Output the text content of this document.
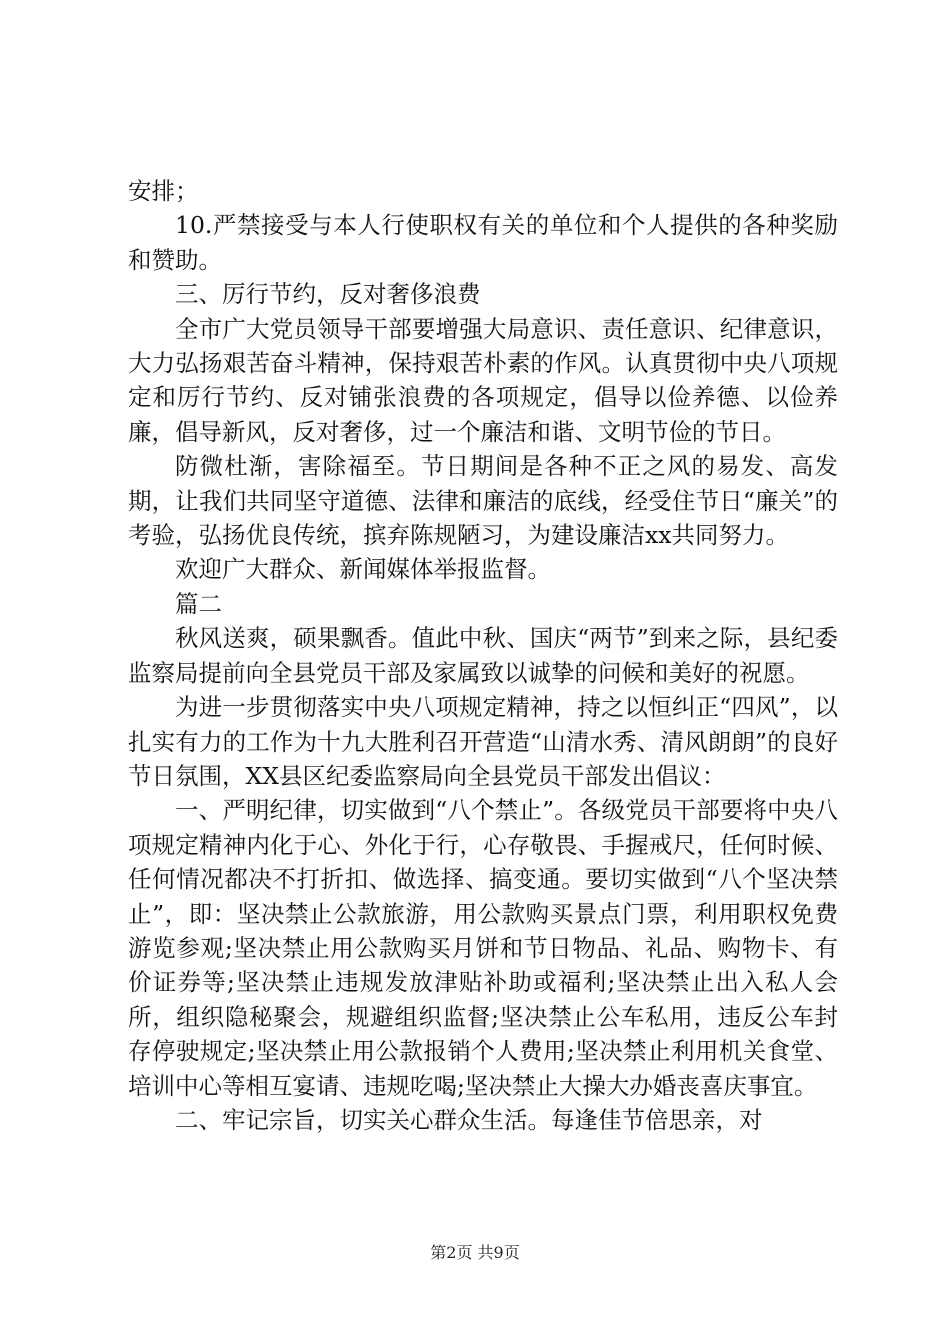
安排；

10.严禁接受与本人行使职权有关的单位和个人提供的各种奖励和赞助。

三、厉行节约，反对奢侈浪费

全市广大党员领导干部要增强大局意识、责任意识、纪律意识，大力弘扬艰苦奋斗精神，保持艰苦朴素的作风。认真贯彻中央八项规定和厉行节约、反对铺张浪费的各项规定，倡导以俭养德、以俭养廉，倡导新风，反对奢侈，过一个廉洁和谐、文明节俭的节日。

防微杜渐，害除福至。节日期间是各种不正之风的易发、高发期，让我们共同坚守道德、法律和廉洁的底线，经受住节日“廉关”的考验，弘扬优良传统，摈弃陈规陋习，为建设廉洁xx共同努力。

欢迎广大群众、新闻媒体举报监督。

篇二

秋风送爽，硕果飘香。值此中秋、国庆“两节”到来之际，县纪委监察局提前向全县党员干部及家属致以诚挚的问候和美好的祝愿。

为进一步贯彻落实中央八项规定精神，持之以恒纠正“四风”，以扎实有力的工作为十九大胜利召开营造“山清水秀、清风朗朗”的良好节日氛围，XX县区纪委监察局向全县党员干部发出倡议：

一、严明纪律，切实做到“八个禁止”。各级党员干部要将中央八项规定精神内化于心、外化于行，心存敬畏、手握戒尺，任何时候、任何情况都决不打折扣、做选择、搞变通。要切实做到“八个坚决禁止”，即：坚决禁止公款旅游，用公款购买景点门票，利用职权免费游览参观;坚决禁止用公款购买月饼和节日物品、礼品、购物卡、有价证券等;坚决禁止违规发放津贴补助或福利;坚决禁止出入私人会所，组织隐秘聚会，规避组织监督;坚决禁止公车私用，违反公车封存停驶规定;坚决禁止用公款报销个人费用;坚决禁止利用机关食堂、培训中心等相互宴请、违规吃喝;坚决禁止大操大办婚丧喜庆事宜。

二、牢记宗旨，切实关心群众生活。每逢佳节倍思亲，对

第2页 共9页
